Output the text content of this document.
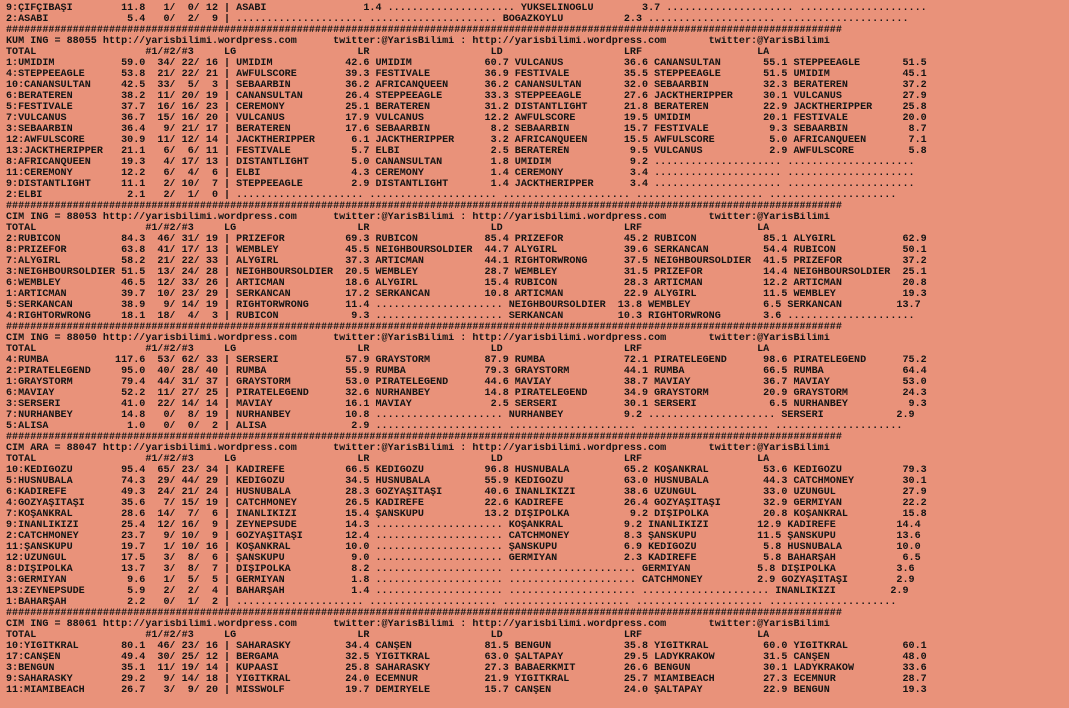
9:ÇİFÇİBAŞI        11.8   1/  0/ 12 | ASABİ                1.4 ..................... YÜKSELİNOĞLU        3.7 ..................... .....................
2:ASABİ             5.4   0/  2/  9 | ..................... ..................... BOĞAZKÖYLÜ          2.3 ..................... .....................
##########################################################################################################################################
KUM ING = 88055 http://yarisbilimi.wordpress.com      twitter:@YarisBilimi : http://yarisbilimi.wordpress.com       twitter:@YarisBilimi
TOTAL                  #1/#2/#3     LG                    LR                    LD                    LRF                   LA
1:ÜMİDİM           59.0  34/ 22/ 16 | ÜMİDİM            42.6 ÜMİDİM            60.7 VULCANUS          36.6 CANANSULTAN       55.1 STEPPEEAGLE       51.5
4:STEPPEEAGLE      53.8  21/ 22/ 21 | AWFULSCORE        39.3 FESTİVALE         36.9 FESTİVALE         35.5 STEPPEEAGLE       51.5 ÜMİDİM            45.1
10:CANANSULTAN     42.5  33/  5/  3 | SEBAARBİN         36.2 AFRICANQUEEN      36.2 CANANSULTAN       32.0 SEBAARBİN         32.3 BERATEREN         37.2
6:BERATEREN        38.2  11/ 20/ 19 | CANANSULTAN       26.4 STEPPEEAGLE       33.3 STEPPEEAGLE       27.6 JACKTHERIPPER     30.1 VULCANUS          27.9
5:FESTİVALE        37.7  16/ 16/ 23 | CEREMONY          25.1 BERATEREN         31.2 DISTANTLIGHT      21.8 BERATEREN         22.9 JACKTHERIPPER     25.8
7:VULCANUS         36.7  15/ 16/ 20 | VULCANUS          17.9 VULCANUS          12.2 AWFULSCORE        19.5 ÜMİDİM            20.1 FESTİVALE         20.0
3:SEBAARBİN        36.4   9/ 21/ 17 | BERATEREN         17.6 SEBAARBİN          8.2 SEBAARBİN         15.7 FESTİVALE          9.3 SEBAARBİN          8.7
12:AWFULSCORE      30.9  11/ 12/ 14 | JACKTHERIPPER      6.1 JACKTHERIPPER      3.2 AFRICANQUEEN      15.5 AWFULSCORE         5.0 AFRICANQUEEN       7.1
13:JACKTHERIPPER   21.1   6/  6/ 11 | FESTİVALE          5.7 ELBİ               2.5 BERATEREN          9.5 VULCANUS           2.9 AWFULSCORE         5.8
8:AFRICANQUEEN     19.3   4/ 17/ 13 | DISTANTLIGHT       5.0 CANANSULTAN        1.8 ÜMİDİM             9.2 ..................... .....................
11:CEREMONY        12.2   6/  4/  6 | ELBİ               4.3 CEREMONY           1.4 CEREMONY           3.4 ..................... .....................
9:DISTANTLIGHT     11.1   2/ 10/  7 | STEPPEEAGLE        2.9 DISTANTLIGHT       1.4 JACKTHERIPPER      3.4 ..................... .....................
2:ELBİ              2.1   2/  1/  0 | ..................... ..................... ..................... ..................... .....................
##########################################################################################################################################
CIM ING = 88053 http://yarisbilimi.wordpress.com      twitter:@YarisBilimi : http://yarisbilimi.wordpress.com       twitter:@YarisBilimi
TOTAL                  #1/#2/#3     LG                    LR                    LD                    LRF                   LA
2:RUBICON          84.3  46/ 31/ 19 | PRIZEFOR          69.3 RUBICON           85.4 PRIZEFOR          45.2 RUBICON           85.1 ALYGIRL           62.9
8:PRIZEFOR         63.8  41/ 17/ 13 | WEMBLEY           45.5 NEIGHBOURSOLDIER  44.7 ALYGIRL           39.6 SERKANCAN         54.4 RUBICON           50.1
7:ALYGIRL          58.2  21/ 22/ 33 | ALYGIRL           37.3 ARTICMAN          44.1 RIGHTORWRONG      37.5 NEIGHBOURSOLDIER  41.5 PRIZEFOR          37.2
3:NEIGHBOURSOLDIER 51.5  13/ 24/ 28 | NEIGHBOURSOLDIER  20.5 WEMBLEY           28.7 WEMBLEY           31.5 PRIZEFOR          14.4 NEIGHBOURSOLDIER  25.1
6:WEMBLEY          46.5  12/ 33/ 26 | ARTICMAN          18.6 ALYGIRL           15.4 RUBICON           28.3 ARTICMAN          12.2 ARTICMAN          20.8
1:ARTICMAN         39.7  10/ 23/ 29 | SERKANCAN         17.2 SERKANCAN         10.8 ARTICMAN          22.9 ALYGIRL           11.5 WEMBLEY           19.3
5:SERKANCAN        38.9   9/ 14/ 19 | RIGHTORWRONG      11.4 ..................... NEIGHBOURSOLDIER  13.8 WEMBLEY            6.5 SERKANCAN         13.7
4:RIGHTORWRONG     18.1  18/  4/  3 | RUBICON            9.3 ..................... SERKANCAN         10.3 RIGHTORWRONG       3.6 .....................
##########################################################################################################################################
CIM ING = 88050 http://yarisbilimi.wordpress.com      twitter:@YarisBilimi : http://yarisbilimi.wordpress.com       twitter:@YarisBilimi
TOTAL                  #1/#2/#3     LG                    LR                    LD                    LRF                   LA
4:RUMBA           117.6  53/ 62/ 33 | SERSERİ           57.9 GRAYSTORM         87.9 RUMBA             72.1 PIRATELEGEND      98.6 PIRATELEGEND      75.2
2:PIRATELEGEND     95.0  40/ 28/ 40 | RUMBA             55.9 RUMBA             79.3 GRAYSTORM         44.1 RUMBA             66.5 RUMBA             64.4
1:GRAYSTORM        79.4  44/ 31/ 37 | GRAYSTORM         53.0 PIRATELEGEND      44.6 MAVİAY            38.7 MAVİAY            36.7 MAVİAY            53.0
6:MAVİAY           52.2  11/ 27/ 25 | PIRATELEGEND      32.6 NURHANBEY         14.8 PIRATELEGEND      34.9 GRAYSTORM         20.9 GRAYSTORM         24.3
3:SERSERİ          41.0  22/ 14/ 14 | MAVİAY            16.1 MAVİAY             2.5 SERSERİ           30.1 SERSERİ            6.5 NURHANBEY          9.3
7:NURHANBEY        14.8   0/  8/ 19 | NURHANBEY         10.8 ..................... NURHANBEY          9.2 ..................... SERSERİ            2.9
5:ALİSA             1.0   0/  0/  2 | ALİSA              2.9 ..................... ..................... ..................... .....................
##########################################################################################################################################
CIM ARA = 88047 http://yarisbilimi.wordpress.com      twitter:@YarisBilimi : http://yarisbilimi.wordpress.com       twitter:@YarisBilimi
TOTAL                  #1/#2/#3     LG                    LR                    LD                    LRF                   LA
10:KEDİGÖZÜ        95.4  65/ 23/ 34 | KADİREFE          66.5 KEDİGÖZÜ          96.8 HÜSNÜBALA         65.2 KOŞANKRAL         53.6 KEDİGÖZÜ          79.3
5:HÜSNÜBALA        74.3  29/ 44/ 29 | KEDİGÖZÜ          34.5 HÜSNÜBALA         55.9 KEDİGÖZÜ          63.0 HÜSNÜBALA         44.3 CATCHMONEY        30.1
6:KADİREFE         49.3  24/ 21/ 24 | HÜSNÜBALA         28.3 GÖZYAŞITAŞI       40.6 İNANLIKIZI        38.6 UZUNGÜL           33.0 UZUNGÜL           27.9
4:GÖZYAŞITAŞI      35.6   7/ 15/ 19 | CATCHMONEY        26.5 KADİREFE          22.6 KADİREFE          26.4 GÖZYAŞITAŞI       32.9 GERMİYAN          22.2
7:KOŞANKRAL        28.6  14/  7/  6 | İNANLIKIZI        15.4 ŞANSKÜPÜ          13.2 DİŞİPOLKA          9.2 DİŞİPOLKA         20.8 KOŞANKRAL         15.8
9:İNANLIKIZI       25.4  12/ 16/  9 | ZEYNEPSUDE        14.3 ..................... KOŞANKRAL          9.2 İNANLIKIZI        12.9 KADİREFE          14.4
2:CATCHMONEY       23.7   9/ 10/  9 | GÖZYAŞITAŞI       12.4 ..................... CATCHMONEY         8.3 ŞANSKÜPÜ          11.5 ŞANSKÜPÜ          13.6
11:ŞANSKÜPÜ        19.7   1/ 10/ 16 | KOŞANKRAL         10.0 ..................... ŞANSKÜPÜ           6.9 KEDİGÖZÜ           5.8 HÜSNÜBALA         10.0
12:UZUNGÜL         17.5   3/  8/  6 | ŞANSKÜPÜ           9.0 ..................... GERMİYAN           2.3 KADİREFE           5.8 BAHARŞAH           6.5
8:DİŞİPOLKA        13.7   3/  8/  7 | DİŞİPOLKA          8.2 ..................... ..................... GERMİYAN           5.8 DİŞİPOLKA          3.6
3:GERMİYAN          9.6   1/  5/  5 | GERMİYAN           1.8 ..................... ..................... CATCHMONEY         2.9 GÖZYAŞITAŞI        2.9
13:ZEYNEPSUDE       5.9   2/  2/  4 | BAHARŞAH           1.4 ..................... ..................... ..................... İNANLIKIZI         2.9
1:BAHARŞAH          2.2   0/  1/  2 | ..................... ..................... ..................... ..................... .....................
##########################################################################################################################################
CIM ING = 88061 http://yarisbilimi.wordpress.com      twitter:@YarisBilimi : http://yarisbilimi.wordpress.com       twitter:@YarisBilimi
TOTAL                  #1/#2/#3     LG                    LR                    LD                    LRF                   LA
10:YİĞİTKRAL       80.1  46/ 23/ 16 | SAHARASKY         34.4 CANŞEN            81.5 BENGUN            35.8 YİĞİTKRAL         60.0 YİĞİTKRAL         60.1
17:CANŞEN          49.4  30/ 25/ 12 | BERGAMA           32.5 YİĞİTKRAL         63.0 ŞALTAPAY          29.5 LADYKRAKOW        31.5 CANŞEN            48.0
3:BENGUN           35.1  11/ 19/ 14 | KUPAASI           25.8 SAHARASKY         27.3 BABAERKMİT        26.6 BENGUN            30.1 LADYKRAKOW        33.6
9:SAHARASKY        29.2   9/ 14/ 18 | YİĞİTKRAL         24.0 ECEMNUR           21.9 YİĞİTKRAL         25.7 MIAMIBEACH        27.3 ECEMNUR           28.7
11:MIAMIBEACH      26.7   3/  9/ 20 | MISSWOLF          19.7 DEMİRYELE         15.7 CANŞEN            24.0 ŞALTAPAY          22.9 BENGUN            19.3
